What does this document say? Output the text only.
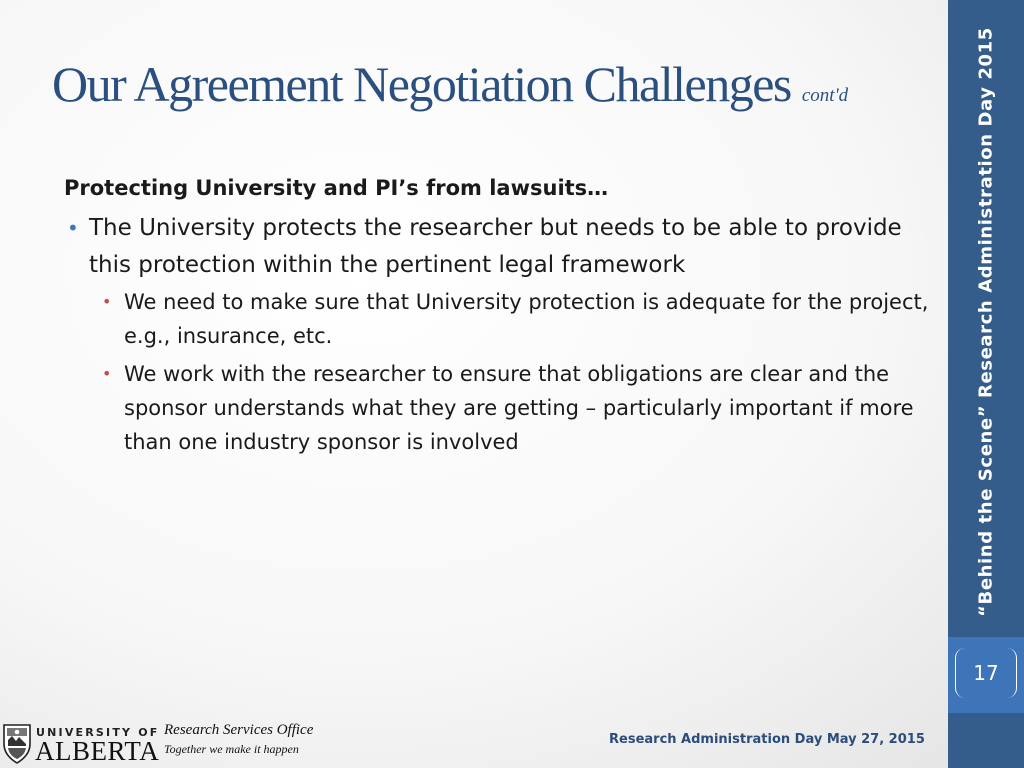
Our Agreement Negotiation Challenges cont'd

Protecting University and PI’s from lawsuits…

• The University protects the researcher but needs to be able to provide this protection within the pertinent legal framework
• We need to make sure that University protection is adequate for the project, e.g., insurance, etc.
• We work with the researcher to ensure that obligations are clear and the sponsor understands what they are getting – particularly important if more than one industry sponsor is involved	“Behind the Scene” Research Administration Day 2015
17
UNIVERSITY OF
ALBERTA
Research Services Office
Together we make it happen
Research Administration Day May 27, 2015
